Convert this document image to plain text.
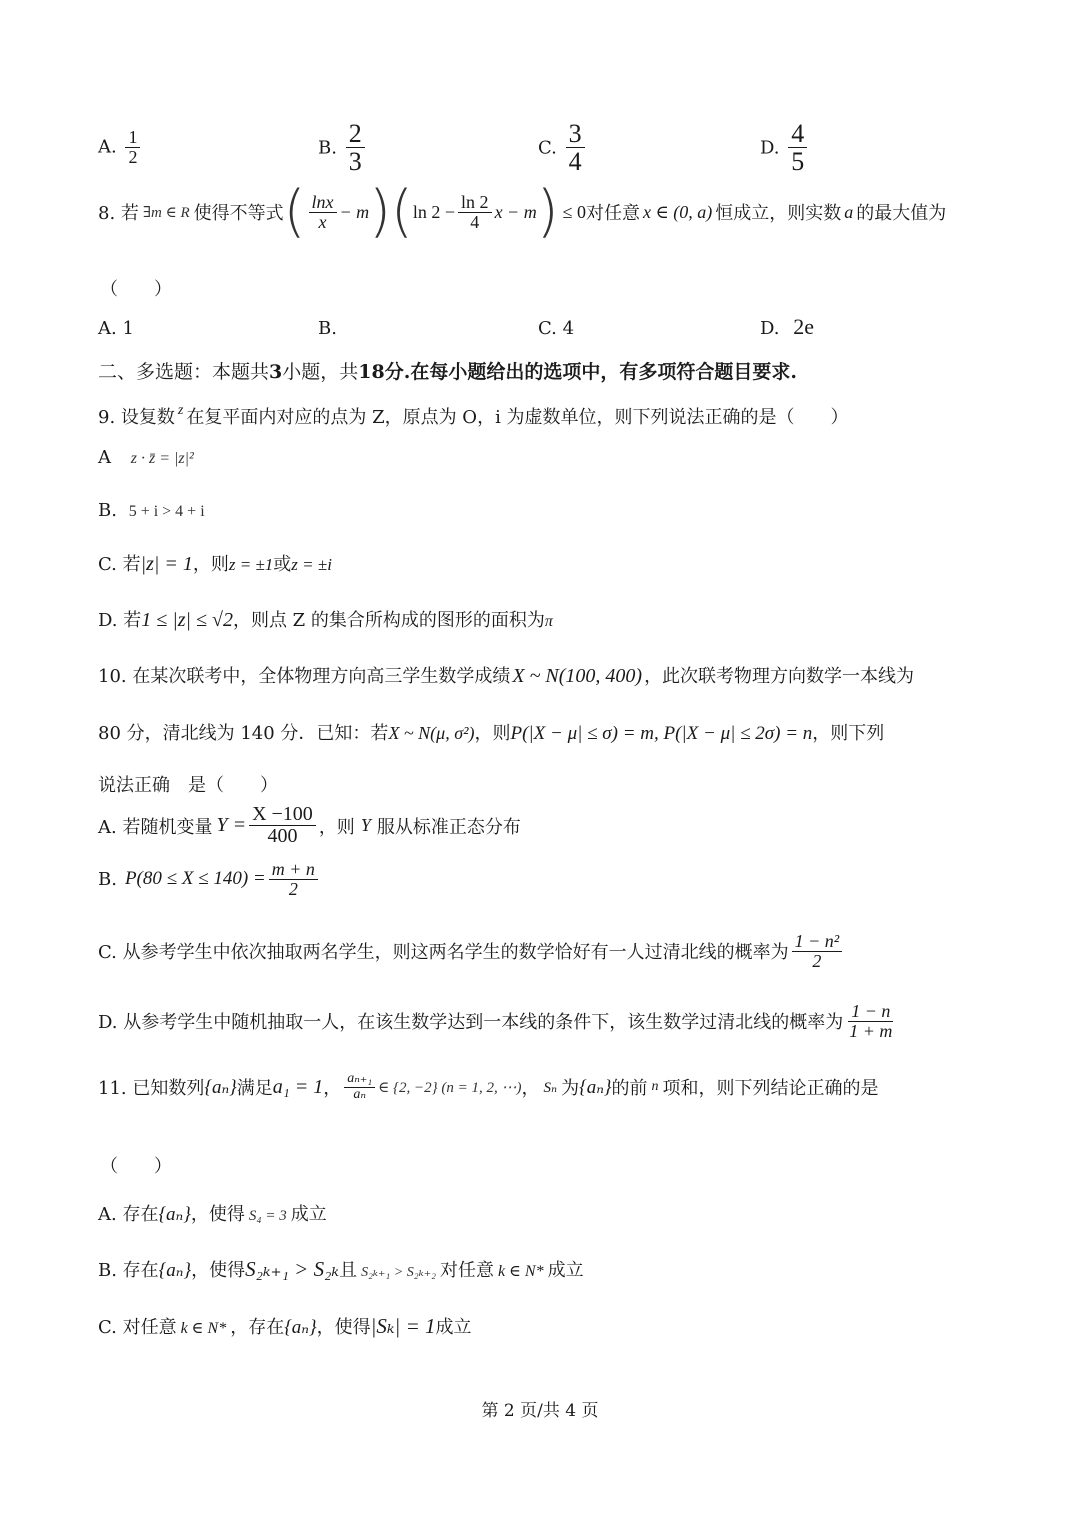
A. $\frac{1}{2}$	B. $\frac{2}{3}$	C. $\frac{3}{4}$	D. $\frac{4}{5}$
8. 若 ∃m ∈ R 使得不等式 ( $\frac{\ln x}{x} - m$ ) ( $\ln 2 - \frac{\ln 2}{4}$ x − m ) ≤ 0 对任意 x ∈ (0, a) 恒成立，则实数 a 的最大值为
（　　）
A. 1	B.	C. 4	D. 2e
二、多选题：本题共3小题，共18分.在每小题给出的选项中，有多项符合题目要求.
9. 设复数 $^z$ 在复平面内对应的点为 Z，原点为 O，i 为虚数单位，则下列说法正确的是（　　）
A z · z̄ = |z|²
B. 5 + i > 4 + i
C. 若|z| = 1，则z = ±1或z = ±i
D. 若1 ≤ |z| ≤ √2，则点 Z 的集合所构成的图形的面积为π
10. 在某次联考中，全体物理方向高三学生数学成绩 X ~ N(100, 400) ，此次联考物理方向数学一本线为
80 分，清北线为 140 分．已知：若X ~ N(μ, σ²)，则P(|X − μ| ≤ σ) = m, P(|X − μ| ≤ 2σ) = n，则下列
说法正确　是（　　）
A. 若随机变量 $Y = \frac{X -100}{400}$ ，则 Y 服从标准正态分布
B. $P(80 \le X \le 140) = \frac{m + n}{2}$
C. 从参考学生中依次抽取两名学生，则这两名学生的数学恰好有一人过清北线的概率为 $\frac{\text{1 − n²}}{2}$
D. 从参考学生中随机抽取一人，在该生数学达到一本线的条件下，该生数学过清北线的概率为 $\frac{1 - n}{1 + m}$
11. 已知数列 {aₙ} 满足 a₁ = 1 ， $\frac{\text{aₙ₊₁}}{\text{aₙ}}$ ∈ {2, −2} (n = 1, 2, ⋯) ， Sₙ 为 {aₙ} 的前 n 项和，则下列结论正确的是
（　　）
A. 存在{aₙ}，使得 S₄ = 3 成立
B. 存在{aₙ}，使得S₂ₖ₊₁ > S₂ₖ且 S₂ₖ₊₁ > S₂ₖ₊₂ 对任意 k ∈ N* 成立
C. 对任意 k ∈ N* ，存在{aₙ}，使得|Sₖ| = 1成立
第 2 页/共 4 页
